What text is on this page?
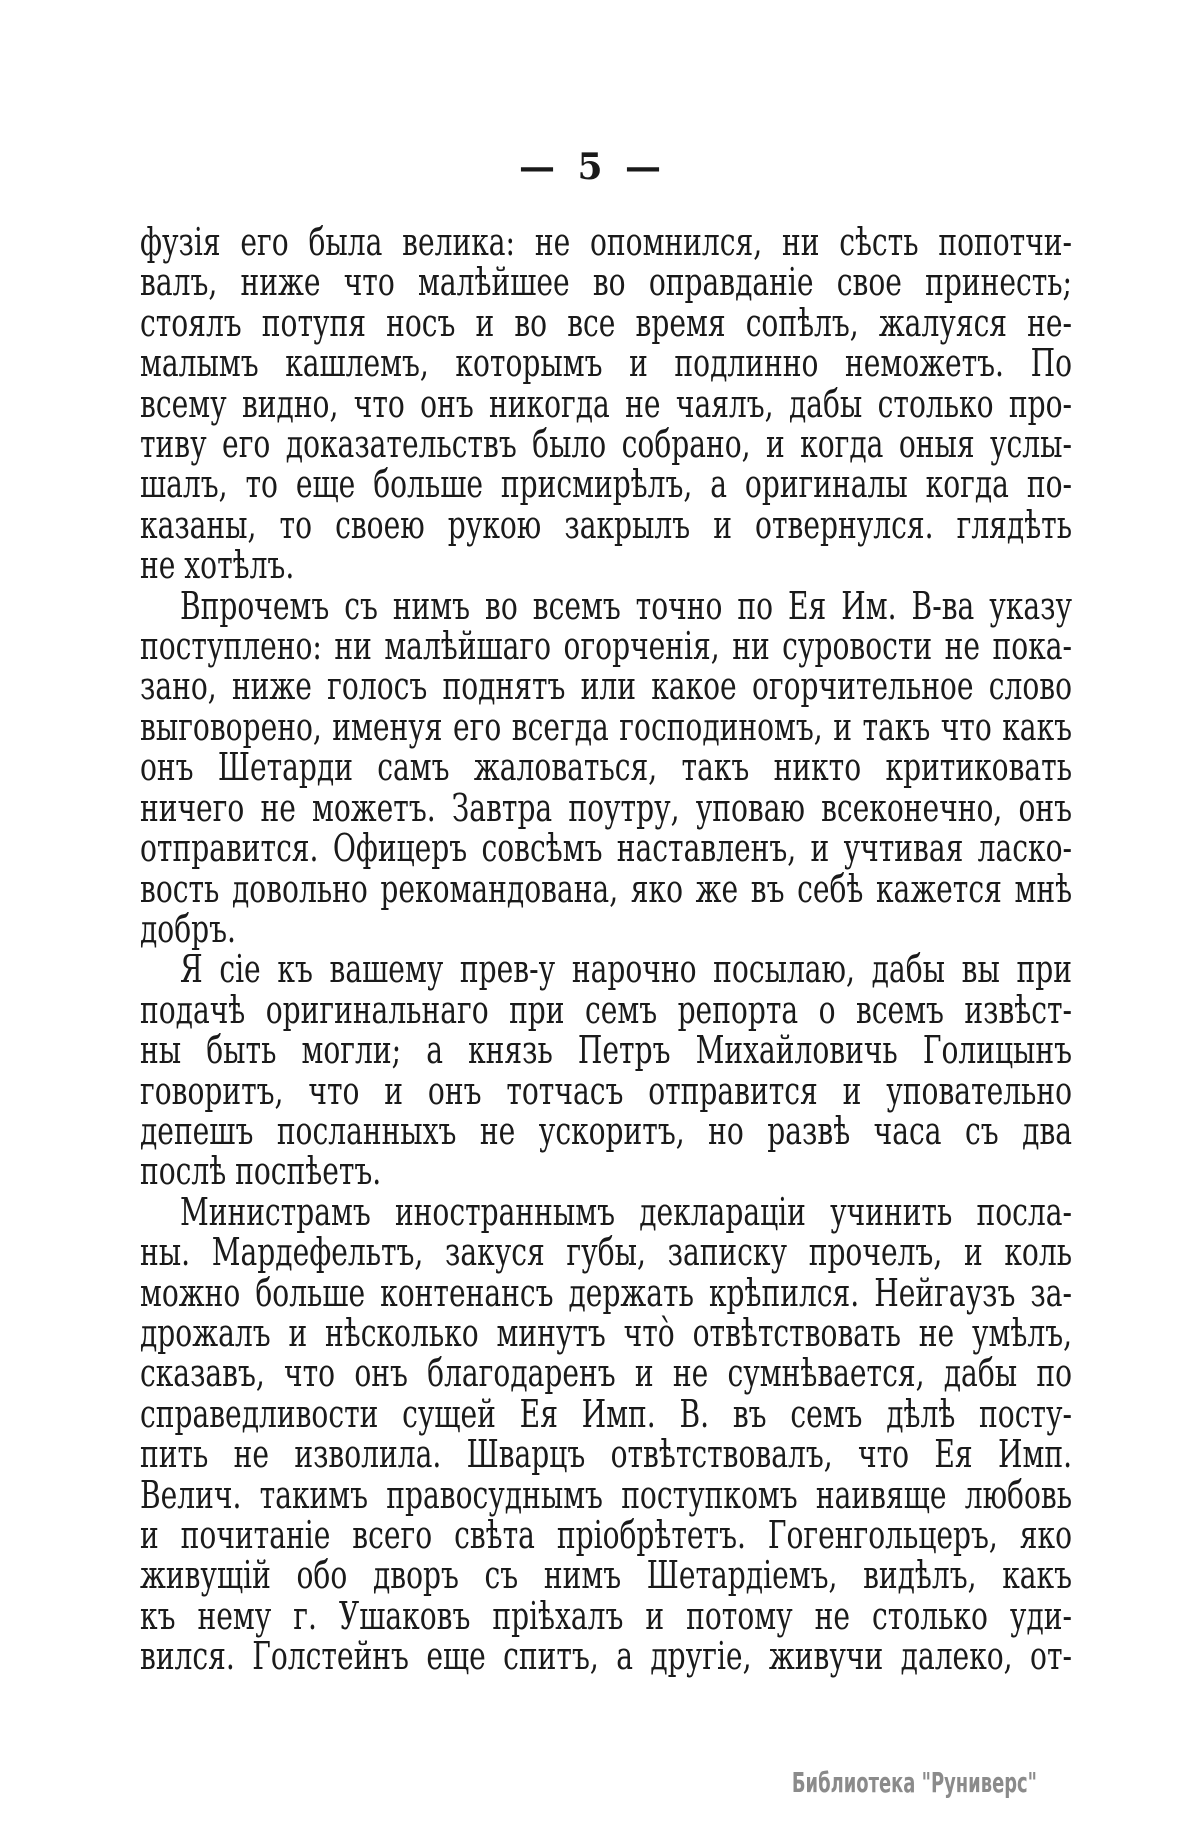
— 5 —
фузія его была велика: не опомнился, ни сѣсть попотчи-
валъ, ниже что малѣйшее во оправданіе свое принесть;
стоялъ потупя носъ и во все время сопѣлъ, жалуяся не-
малымъ кашлемъ, которымъ и подлинно неможетъ. По
всему видно, что онъ никогда не чаялъ, дабы столько про-
тиву его доказательствъ было собрано, и когда оныя услы-
шалъ, то еще больше присмирѣлъ, а оригиналы когда по-
казаны, то своею рукою закрылъ и отвернулся. глядѣть
не хотѣлъ.
Впрочемъ съ нимъ во всемъ точно по Ея Им. В-ва указу
поступлено: ни малѣйшаго огорченія, ни суровости не пока-
зано, ниже голосъ поднятъ или какое огорчительное слово
выговорено, именуя его всегда господиномъ, и такъ что какъ
онъ Шетарди самъ жаловаться, такъ никто критиковать
ничего не можетъ. Завтра поутру, уповаю всеконечно, онъ
отправится. Офицеръ совсѣмъ наставленъ, и учтивая ласко-
вость довольно рекомандована, яко же въ себѣ кажется мнѣ
добръ.
Я сіе къ вашему прев-у нарочно посылаю, дабы вы при
подачѣ оригинальнаго при семъ репорта о всемъ извѣст-
ны быть могли; а князь Петръ Михайловичь Голицынъ
говоритъ, что и онъ тотчасъ отправится и уповательно
депешъ посланныхъ не ускоритъ, но развѣ часа съ два
послѣ поспѣетъ.
Министрамъ иностраннымъ деклараціи учинить посла-
ны. Мардефельтъ, закуся губы, записку прочелъ, и коль
можно больше контенансъ держать крѣпился. Нейгаузъ за-
дрожалъ и нѣсколько минутъ что̀ отвѣтствовать не умѣлъ,
сказавъ, что онъ благодаренъ и не сумнѣвается, дабы по
справедливости сущей Ея Имп. В. въ семъ дѣлѣ посту-
пить не изволила. Шварцъ отвѣтствовалъ, что Ея Имп.
Велич. такимъ правосуднымъ поступкомъ наивяще любовь
и почитаніе всего свѣта пріобрѣтетъ. Гогенгольцеръ, яко
живущій обо дворъ съ нимъ Шетардіемъ, видѣлъ, какъ
къ нему г. Ушаковъ пріѣхалъ и потому не столько уди-
вился. Голстейнъ еще спитъ, а другіе, живучи далеко, от-
Библиотека "Руниверс"
